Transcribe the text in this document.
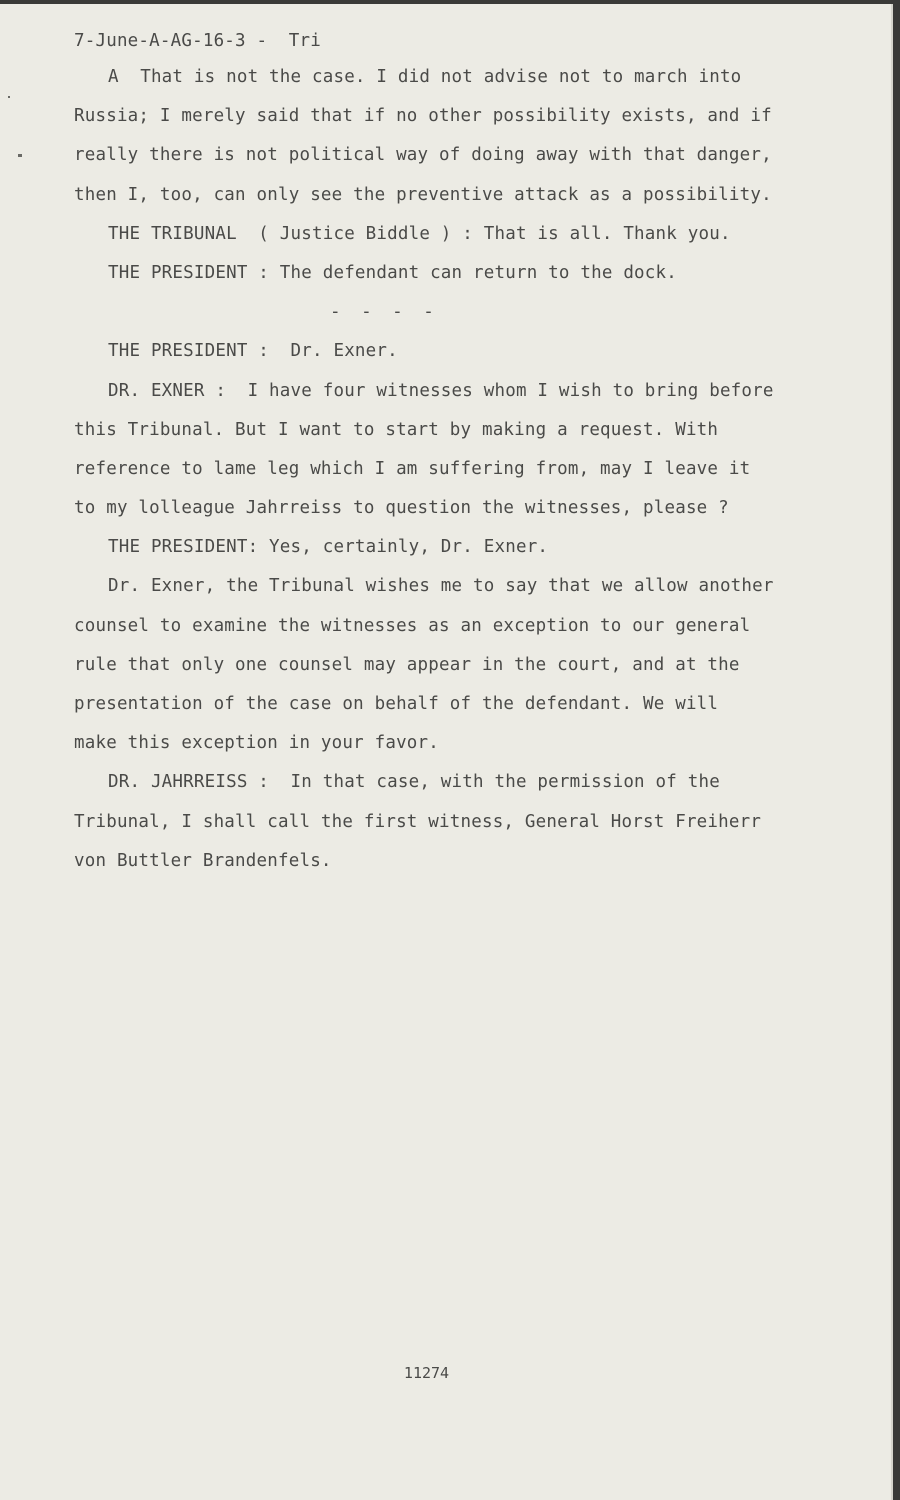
7-June-A-AG-16-3 -  Tri
A  That is not the case. I did not advise not to march into
Russia; I merely said that if no other possibility exists, and if
really there is not political way of doing away with that danger,
then I, too, can only see the preventive attack as a possibility.
THE TRIBUNAL  ( Justice Biddle ) : That is all. Thank you.
THE PRESIDENT : The defendant can return to the dock.
- - - -
THE PRESIDENT :  Dr. Exner.
DR. EXNER :  I have four witnesses whom I wish to bring before
this Tribunal. But I want to start by making a request. With
reference to lame leg which I am suffering from, may I leave it
to my lolleague Jahrreiss to question the witnesses, please ?
THE PRESIDENT: Yes, certainly, Dr. Exner.
Dr. Exner, the Tribunal wishes me to say that we allow another
counsel to examine the witnesses as an exception to our general
rule that only one counsel may appear in the court, and at the
presentation of the case on behalf of the defendant. We will
make this exception in your favor.
DR. JAHRREISS :  In that case, with the permission of the
Tribunal, I shall call the first witness, General Horst Freiherr
von Buttler Brandenfels.
11274
